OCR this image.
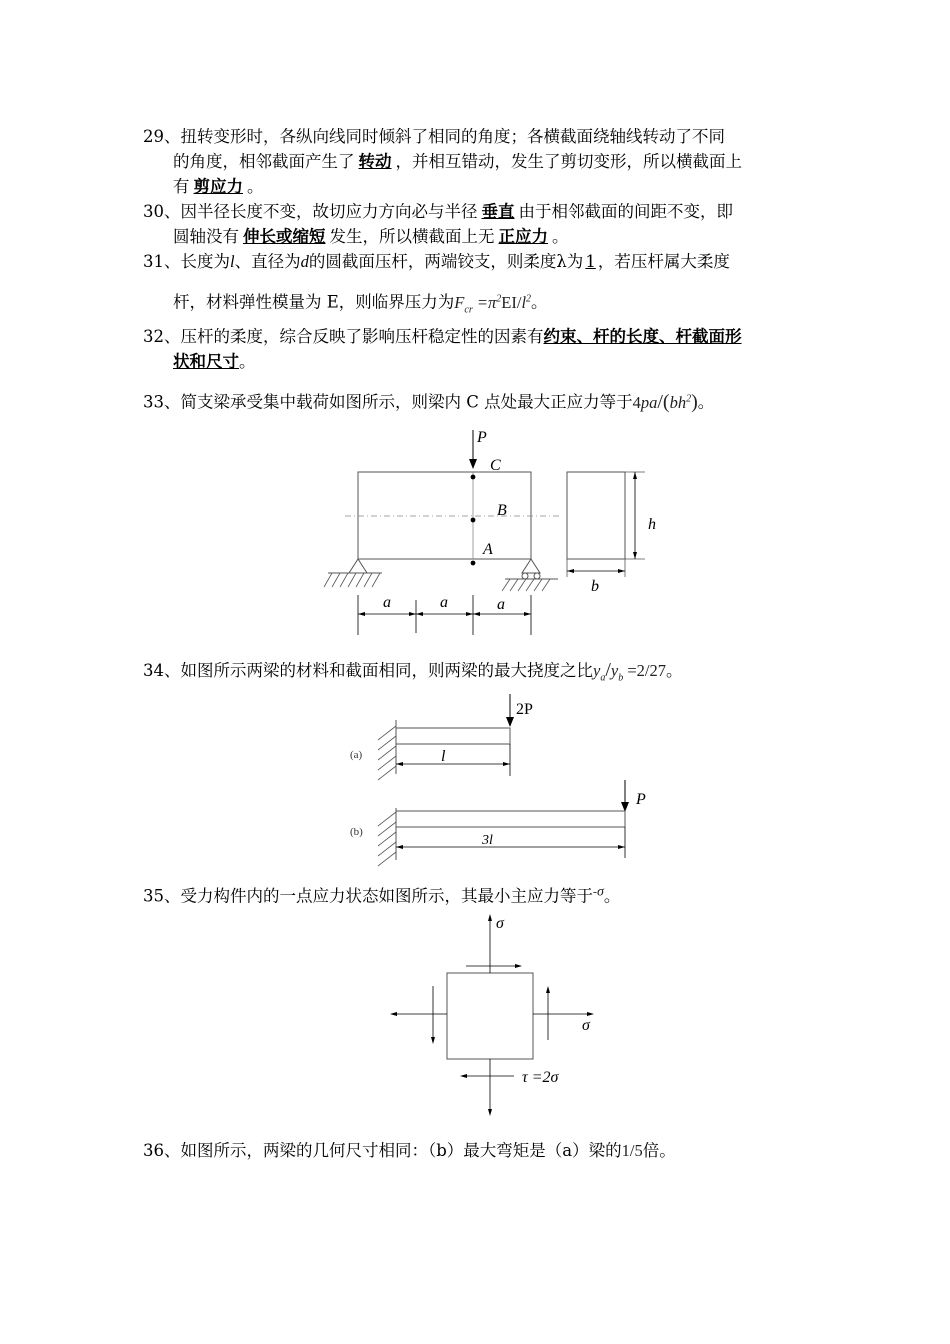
29、扭转变形时，各纵向线同时倾斜了相同的角度；各横截面绕轴线转动了不同
的角度，相邻截面产生了 转动 ，并相互错动，发生了剪切变形，所以横截面上
有 剪应力 。
30、因半径长度不变，故切应力方向必与半径 垂直 由于相邻截面的间距不变，即
圆轴没有 伸长或缩短 发生，所以横截面上无 正应力 。
31、长度为l、直径为d的圆截面压杆，两端铰支，则柔度λ为 1 ，若压杆属大柔度
杆，材料弹性模量为 E，则临界压力为$F_{cr} =\pi^2EI/l^2$。
32、压杆的柔度，综合反映了影响压杆稳定性的因素有约束、杆的长度、杆截面形
状和尺寸。
33、简支梁承受集中载荷如图所示，则梁内 C 点处最大正应力等于$4pa/(bh^2)$。
P
C
B
A
a	a	a
h
b
34、如图所示两梁的材料和截面相同，则两梁的最大挠度之比$y_a/y_b =2/27$。
2P
(a)	l
P
(b)
3l
35、受力构件内的一点应力状态如图所示，其最小主应力等于$^{-\sigma}$。
σ
σ
τ =2σ
36、如图所示，两梁的几何尺寸相同：（b）最大弯矩是（a）梁的1/5倍。
